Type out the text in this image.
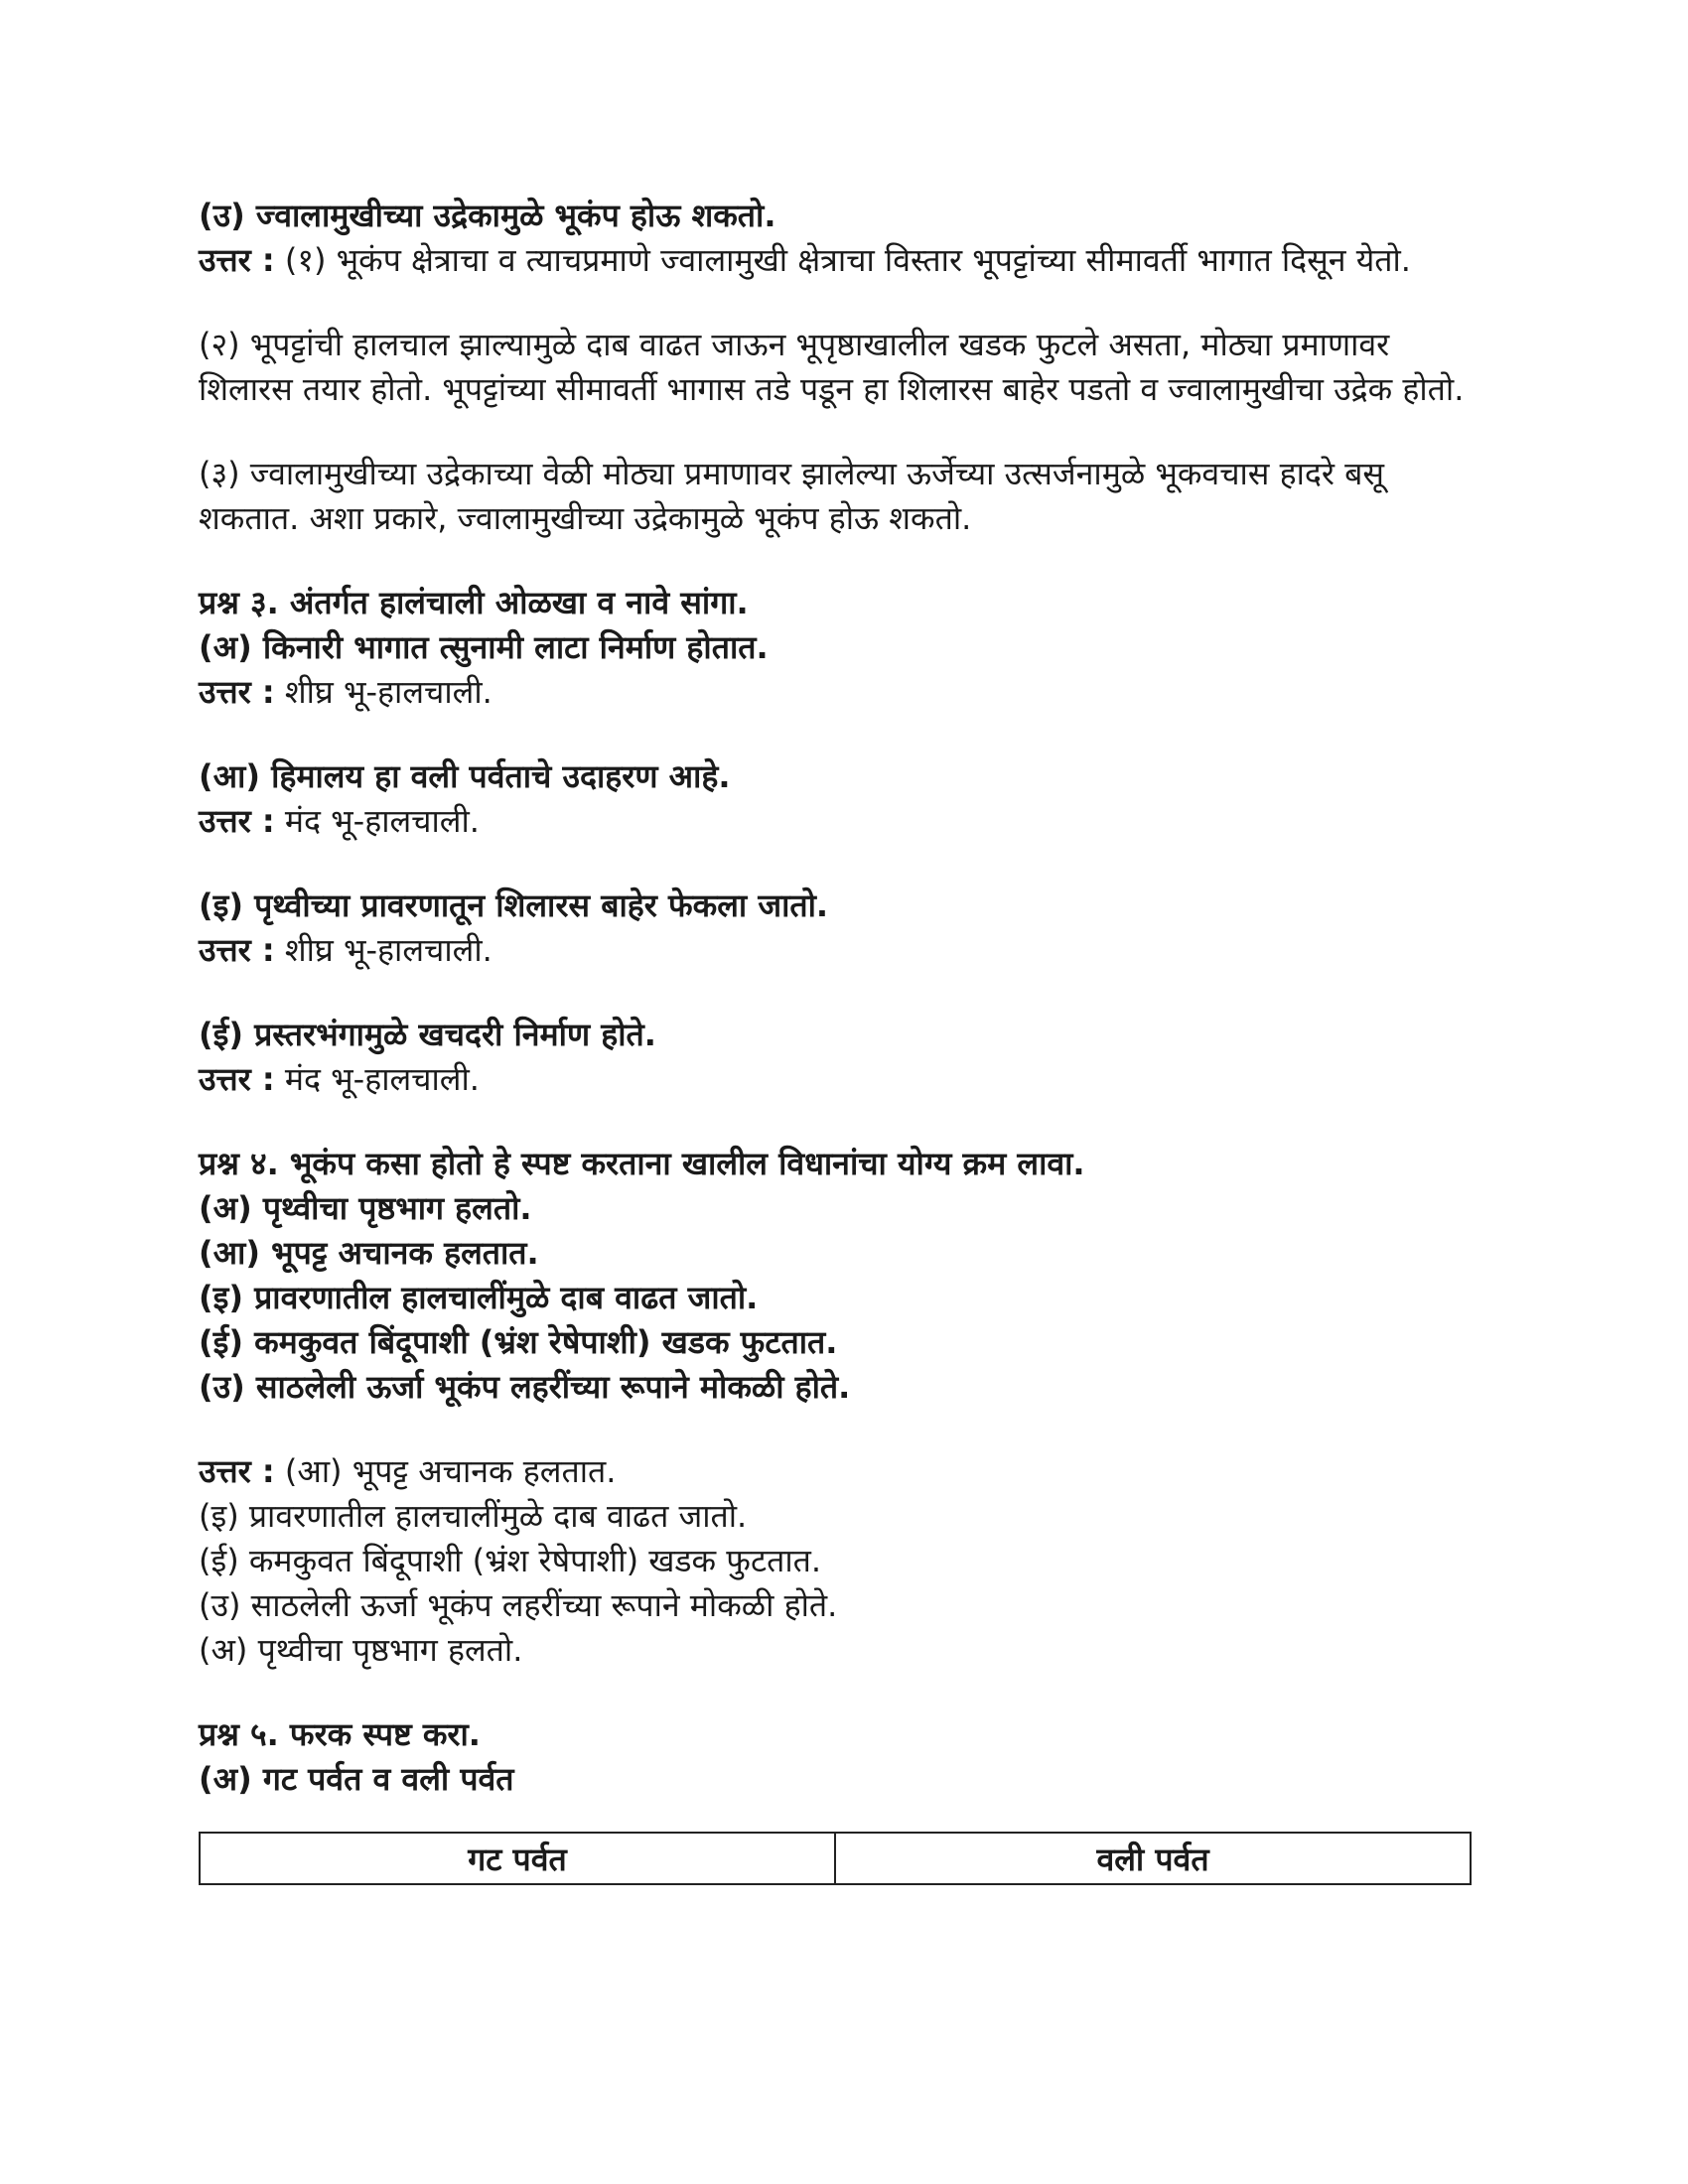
(उ) ज्वालामुखीच्या उद्रेकामुळे भूकंप होऊ शकतो.

उत्तर : (१) भूकंप क्षेत्राचा व त्याचप्रमाणे ज्वालामुखी क्षेत्राचा विस्तार भूपट्टांच्या सीमावर्ती भागात दिसून येतो.

(२) भूपट्टांची हालचाल झाल्यामुळे दाब वाढत जाऊन भूपृष्ठाखालील खडक फुटले असता, मोठ्या प्रमाणावर शिलारस तयार होतो. भूपट्टांच्या सीमावर्ती भागास तडे पडून हा शिलारस बाहेर पडतो व ज्वालामुखीचा उद्रेक होतो.

(३) ज्वालामुखीच्या उद्रेकाच्या वेळी मोठ्या प्रमाणावर झालेल्या ऊर्जेच्या उत्सर्जनामुळे भूकवचास हादरे बसू शकतात. अशा प्रकारे, ज्वालामुखीच्या उद्रेकामुळे भूकंप होऊ शकतो.

प्रश्न ३. अंतर्गत हालंचाली ओळखा व नावे सांगा.

(अ) किनारी भागात त्सुनामी लाटा निर्माण होतात.

उत्तर : शीघ्र भू-हालचाली.

(आ) हिमालय हा वली पर्वताचे उदाहरण आहे.

उत्तर : मंद भू-हालचाली.

(इ) पृथ्वीच्या प्रावरणातून शिलारस बाहेर फेकला जातो.

उत्तर : शीघ्र भू-हालचाली.

(ई) प्रस्तरभंगामुळे खचदरी निर्माण होते.

उत्तर : मंद भू-हालचाली.

प्रश्न ४. भूकंप कसा होतो हे स्पष्ट करताना खालील विधानांचा योग्य क्रम लावा.

(अ) पृथ्वीचा पृष्ठभाग हलतो.

(आ) भूपट्ट अचानक हलतात.

(इ) प्रावरणातील हालचालींमुळे दाब वाढत जातो.

(ई) कमकुवत बिंदूपाशी (भ्रंश रेषेपाशी) खडक फुटतात.

(उ) साठलेली ऊर्जा भूकंप लहरींच्या रूपाने मोकळी होते.

उत्तर : (आ) भूपट्ट अचानक हलतात.

(इ) प्रावरणातील हालचालींमुळे दाब वाढत जातो.

(ई) कमकुवत बिंदूपाशी (भ्रंश रेषेपाशी) खडक फुटतात.

(उ) साठलेली ऊर्जा भूकंप लहरींच्या रूपाने मोकळी होते.

(अ) पृथ्वीचा पृष्ठभाग हलतो.

प्रश्न ५. फरक स्पष्ट करा.

(अ) गट पर्वत व वली पर्वत

गट पर्वत	वली पर्वत
